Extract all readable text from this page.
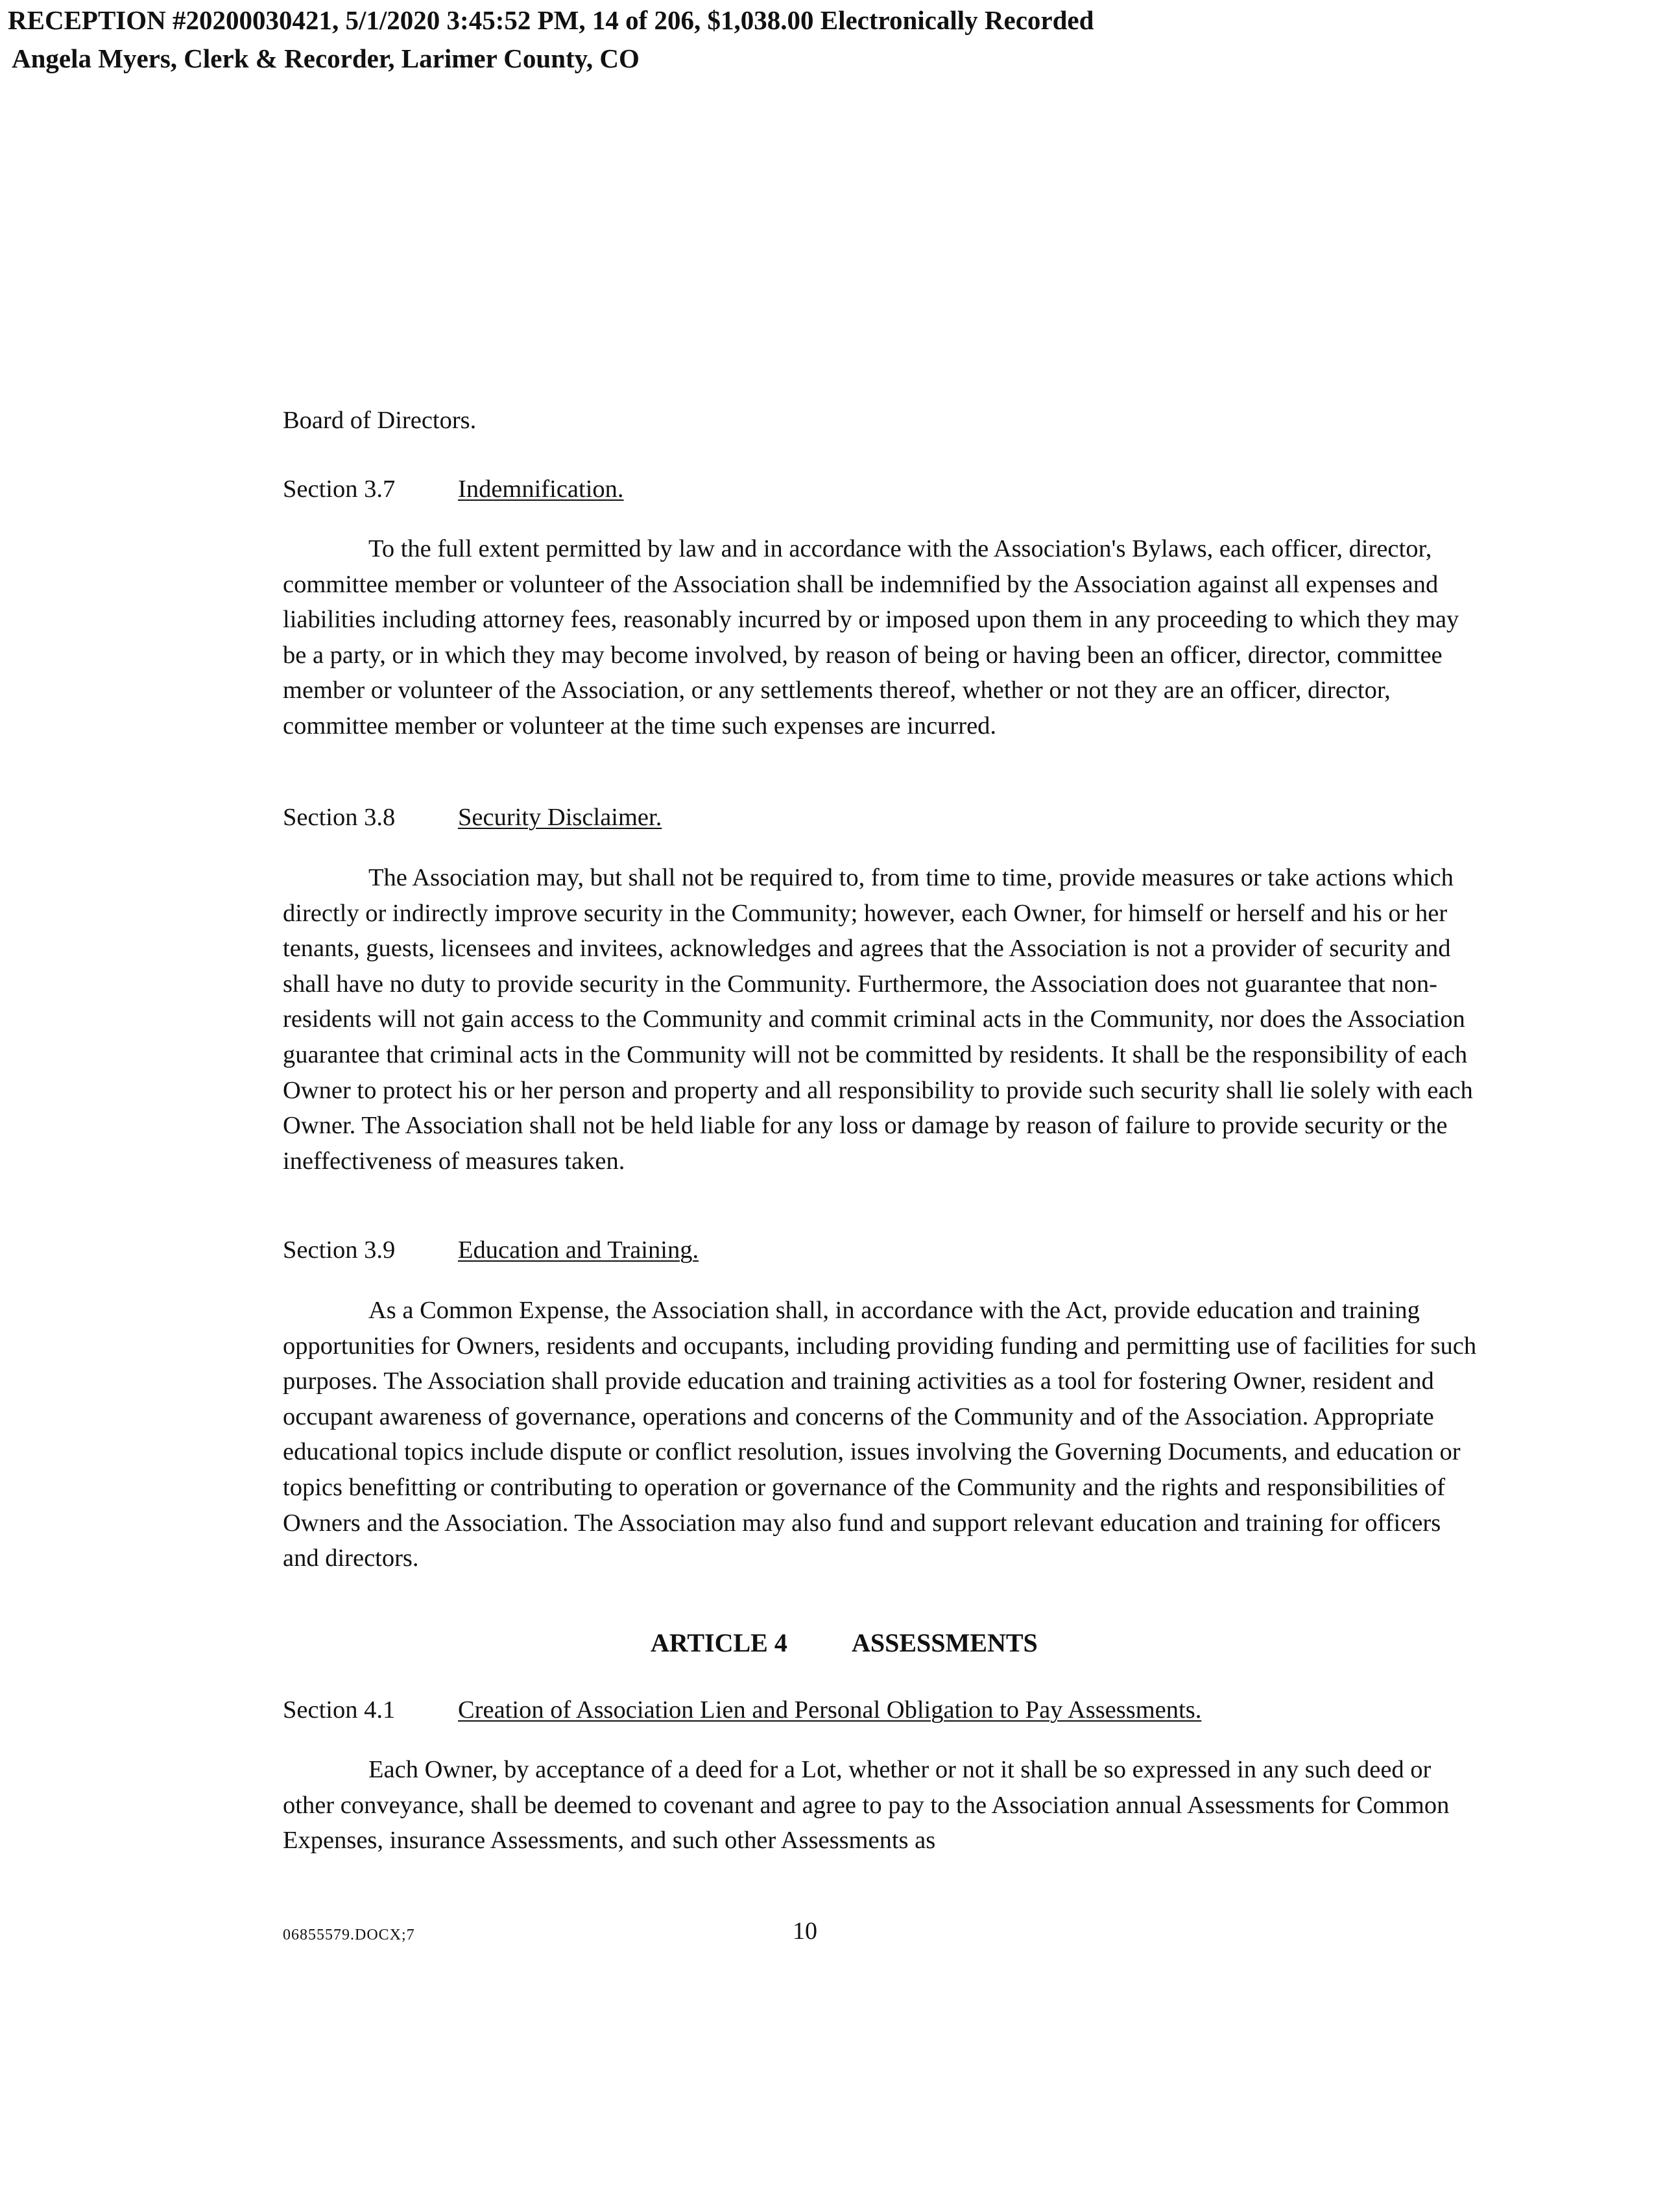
RECEPTION #20200030421, 5/1/2020 3:45:52 PM, 14 of 206, $1,038.00 Electronically Recorded
Angela Myers, Clerk & Recorder, Larimer County, CO

Board of Directors.

Section 3.7	Indemnification.

To the full extent permitted by law and in accordance with the Association's Bylaws, each officer, director, committee member or volunteer of the Association shall be indemnified by the Association against all expenses and liabilities including attorney fees, reasonably incurred by or imposed upon them in any proceeding to which they may be a party, or in which they may become involved, by reason of being or having been an officer, director, committee member or volunteer of the Association, or any settlements thereof, whether or not they are an officer, director, committee member or volunteer at the time such expenses are incurred.

Section 3.8	Security Disclaimer.

The Association may, but shall not be required to, from time to time, provide measures or take actions which directly or indirectly improve security in the Community; however, each Owner, for himself or herself and his or her tenants, guests, licensees and invitees, acknowledges and agrees that the Association is not a provider of security and shall have no duty to provide security in the Community. Furthermore, the Association does not guarantee that non-residents will not gain access to the Community and commit criminal acts in the Community, nor does the Association guarantee that criminal acts in the Community will not be committed by residents. It shall be the responsibility of each Owner to protect his or her person and property and all responsibility to provide such security shall lie solely with each Owner. The Association shall not be held liable for any loss or damage by reason of failure to provide security or the ineffectiveness of measures taken.

Section 3.9	Education and Training.

As a Common Expense, the Association shall, in accordance with the Act, provide education and training opportunities for Owners, residents and occupants, including providing funding and permitting use of facilities for such purposes. The Association shall provide education and training activities as a tool for fostering Owner, resident and occupant awareness of governance, operations and concerns of the Community and of the Association. Appropriate educational topics include dispute or conflict resolution, issues involving the Governing Documents, and education or topics benefitting or contributing to operation or governance of the Community and the rights and responsibilities of Owners and the Association. The Association may also fund and support relevant education and training for officers and directors.

Section 4.1	Creation of Association Lien and Personal Obligation to Pay Assessments.

Each Owner, by acceptance of a deed for a Lot, whether or not it shall be so expressed in any such deed or other conveyance, shall be deemed to covenant and agree to pay to the Association annual Assessments for Common Expenses, insurance Assessments, and such other Assessments as

ARTICLE 4 ASSESSMENTS
06855579.DOCX;7	10
